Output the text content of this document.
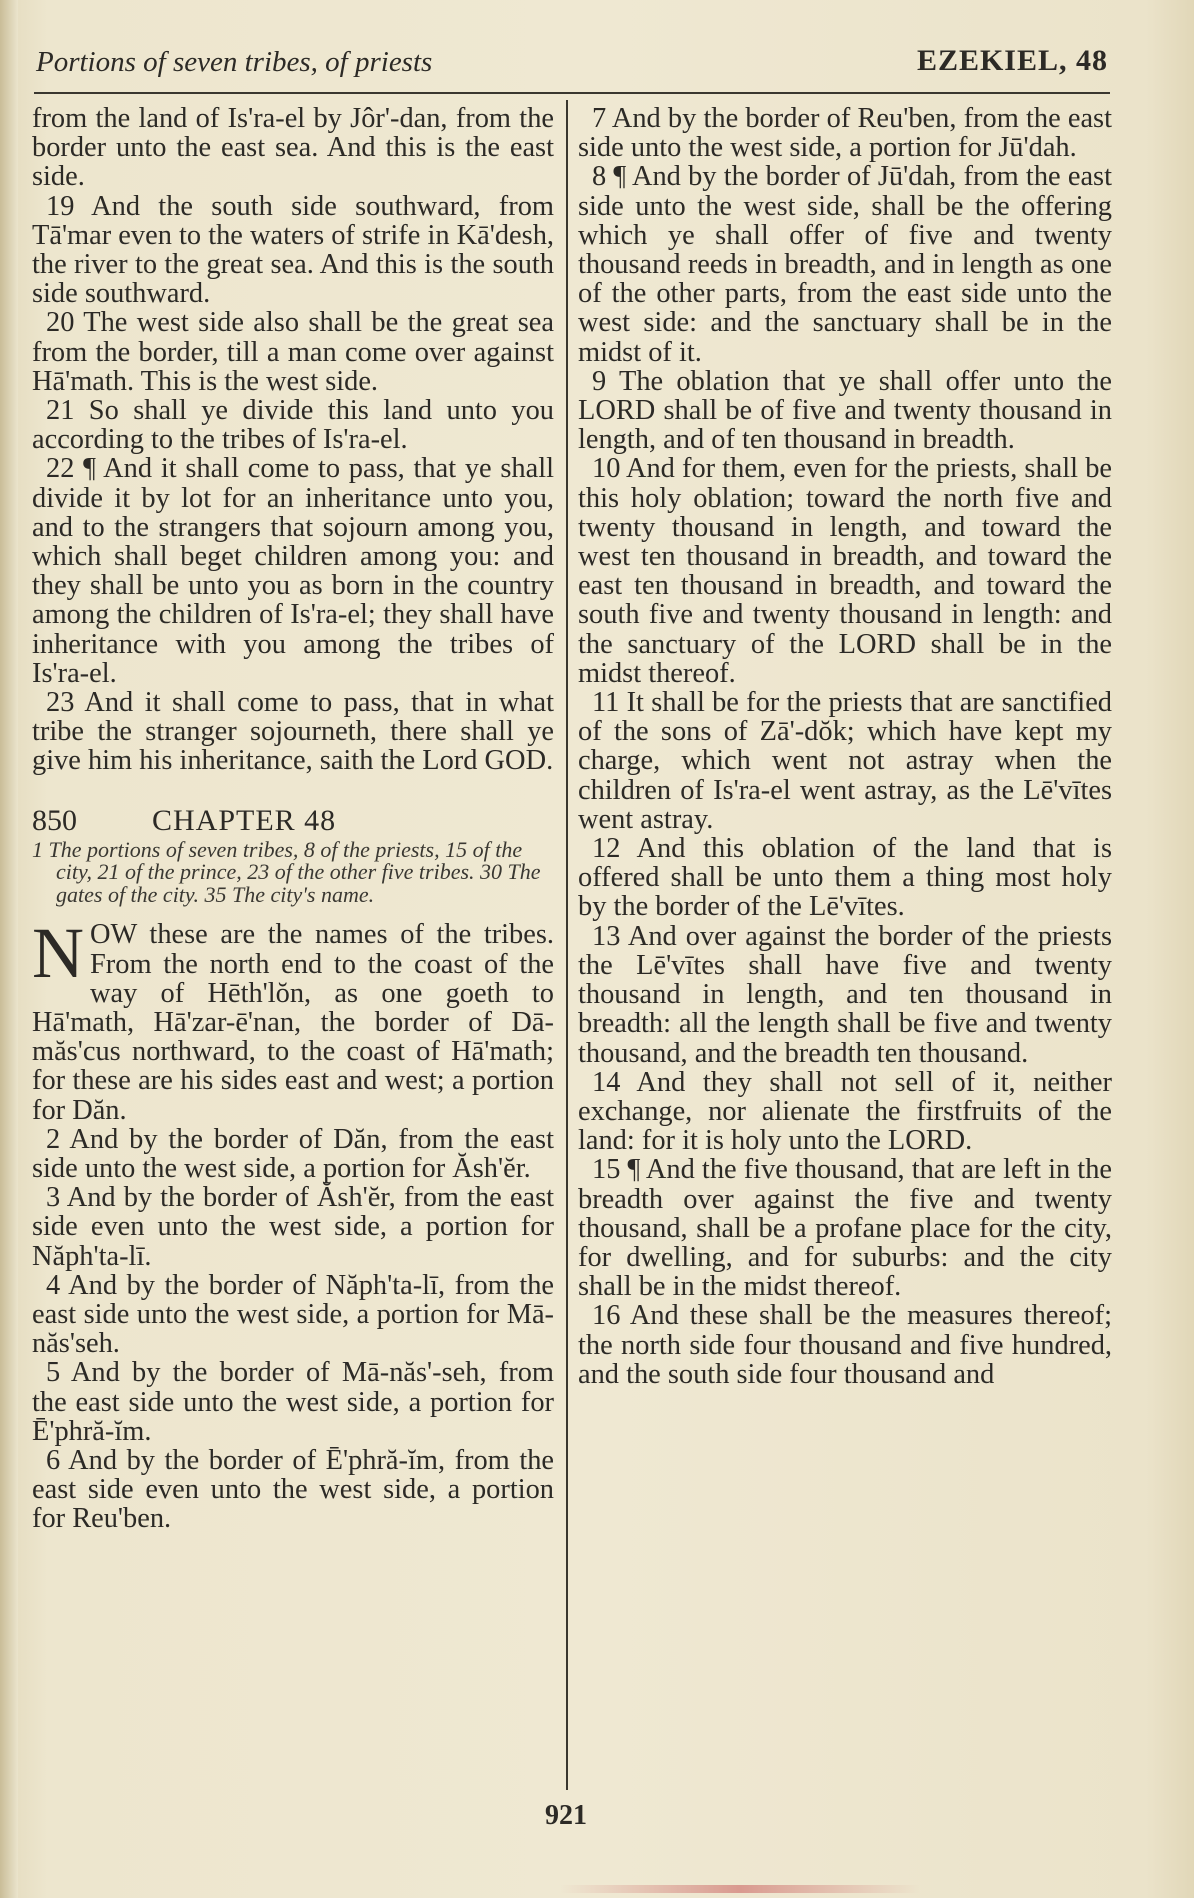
Portions of seven tribes, of priests	EZEKIEL, 48

from the land of Is'ra-el by Jôr'-dan, from the border unto the east sea. And this is the east side.

19 And the south side southward, from Tā'mar even to the waters of strife in Kā'desh, the river to the great sea. And this is the south side southward.

20 The west side also shall be the great sea from the border, till a man come over against Hā'math. This is the west side.

21 So shall ye divide this land unto you according to the tribes of Is'ra-el.

22 ¶ And it shall come to pass, that ye shall divide it by lot for an inheritance unto you, and to the strangers that sojourn among you, which shall beget children among you: and they shall be unto you as born in the country among the children of Is'ra-el; they shall have inheritance with you among the tribes of Is'ra-el.

23 And it shall come to pass, that in what tribe the stranger sojourneth, there shall ye give him his inheritance, saith the Lord GOD.

850	CHAPTER 48

1 The portions of seven tribes, 8 of the priests, 15 of the city, 21 of the prince, 23 of the other five tribes. 30 The gates of the city. 35 The city's name.

NOW these are the names of the tribes. From the north end to the coast of the way of Hēth'lŏn, as one goeth to Hā'math, Hā'zar-ē'nan, the border of Dā-măs'cus northward, to the coast of Hā'math; for these are his sides east and west; a portion for Dăn.

2 And by the border of Dăn, from the east side unto the west side, a portion for Ăsh'ĕr.

3 And by the border of Ăsh'ĕr, from the east side even unto the west side, a portion for Năph'ta-lī.

4 And by the border of Năph'ta-lī, from the east side unto the west side, a portion for Mā-năs'seh.

5 And by the border of Mā-năs'-seh, from the east side unto the west side, a portion for Ē'phră-ĭm.

6 And by the border of Ē'phră-ĭm, from the east side even unto the west side, a portion for Reu'ben.

7 And by the border of Reu'ben, from the east side unto the west side, a portion for Jū'dah.

8 ¶ And by the border of Jū'dah, from the east side unto the west side, shall be the offering which ye shall offer of five and twenty thousand reeds in breadth, and in length as one of the other parts, from the east side unto the west side: and the sanctuary shall be in the midst of it.

9 The oblation that ye shall offer unto the LORD shall be of five and twenty thousand in length, and of ten thousand in breadth.

10 And for them, even for the priests, shall be this holy oblation; toward the north five and twenty thousand in length, and toward the west ten thousand in breadth, and toward the east ten thousand in breadth, and toward the south five and twenty thousand in length: and the sanctuary of the LORD shall be in the midst thereof.

11 It shall be for the priests that are sanctified of the sons of Zā'-dŏk; which have kept my charge, which went not astray when the children of Is'ra-el went astray, as the Lē'vītes went astray.

12 And this oblation of the land that is offered shall be unto them a thing most holy by the border of the Lē'vītes.

13 And over against the border of the priests the Lē'vītes shall have five and twenty thousand in length, and ten thousand in breadth: all the length shall be five and twenty thousand, and the breadth ten thousand.

14 And they shall not sell of it, neither exchange, nor alienate the firstfruits of the land: for it is holy unto the LORD.

15 ¶ And the five thousand, that are left in the breadth over against the five and twenty thousand, shall be a profane place for the city, for dwelling, and for suburbs: and the city shall be in the midst thereof.

16 And these shall be the measures thereof; the north side four thousand and five hundred, and the south side four thousand and

921
